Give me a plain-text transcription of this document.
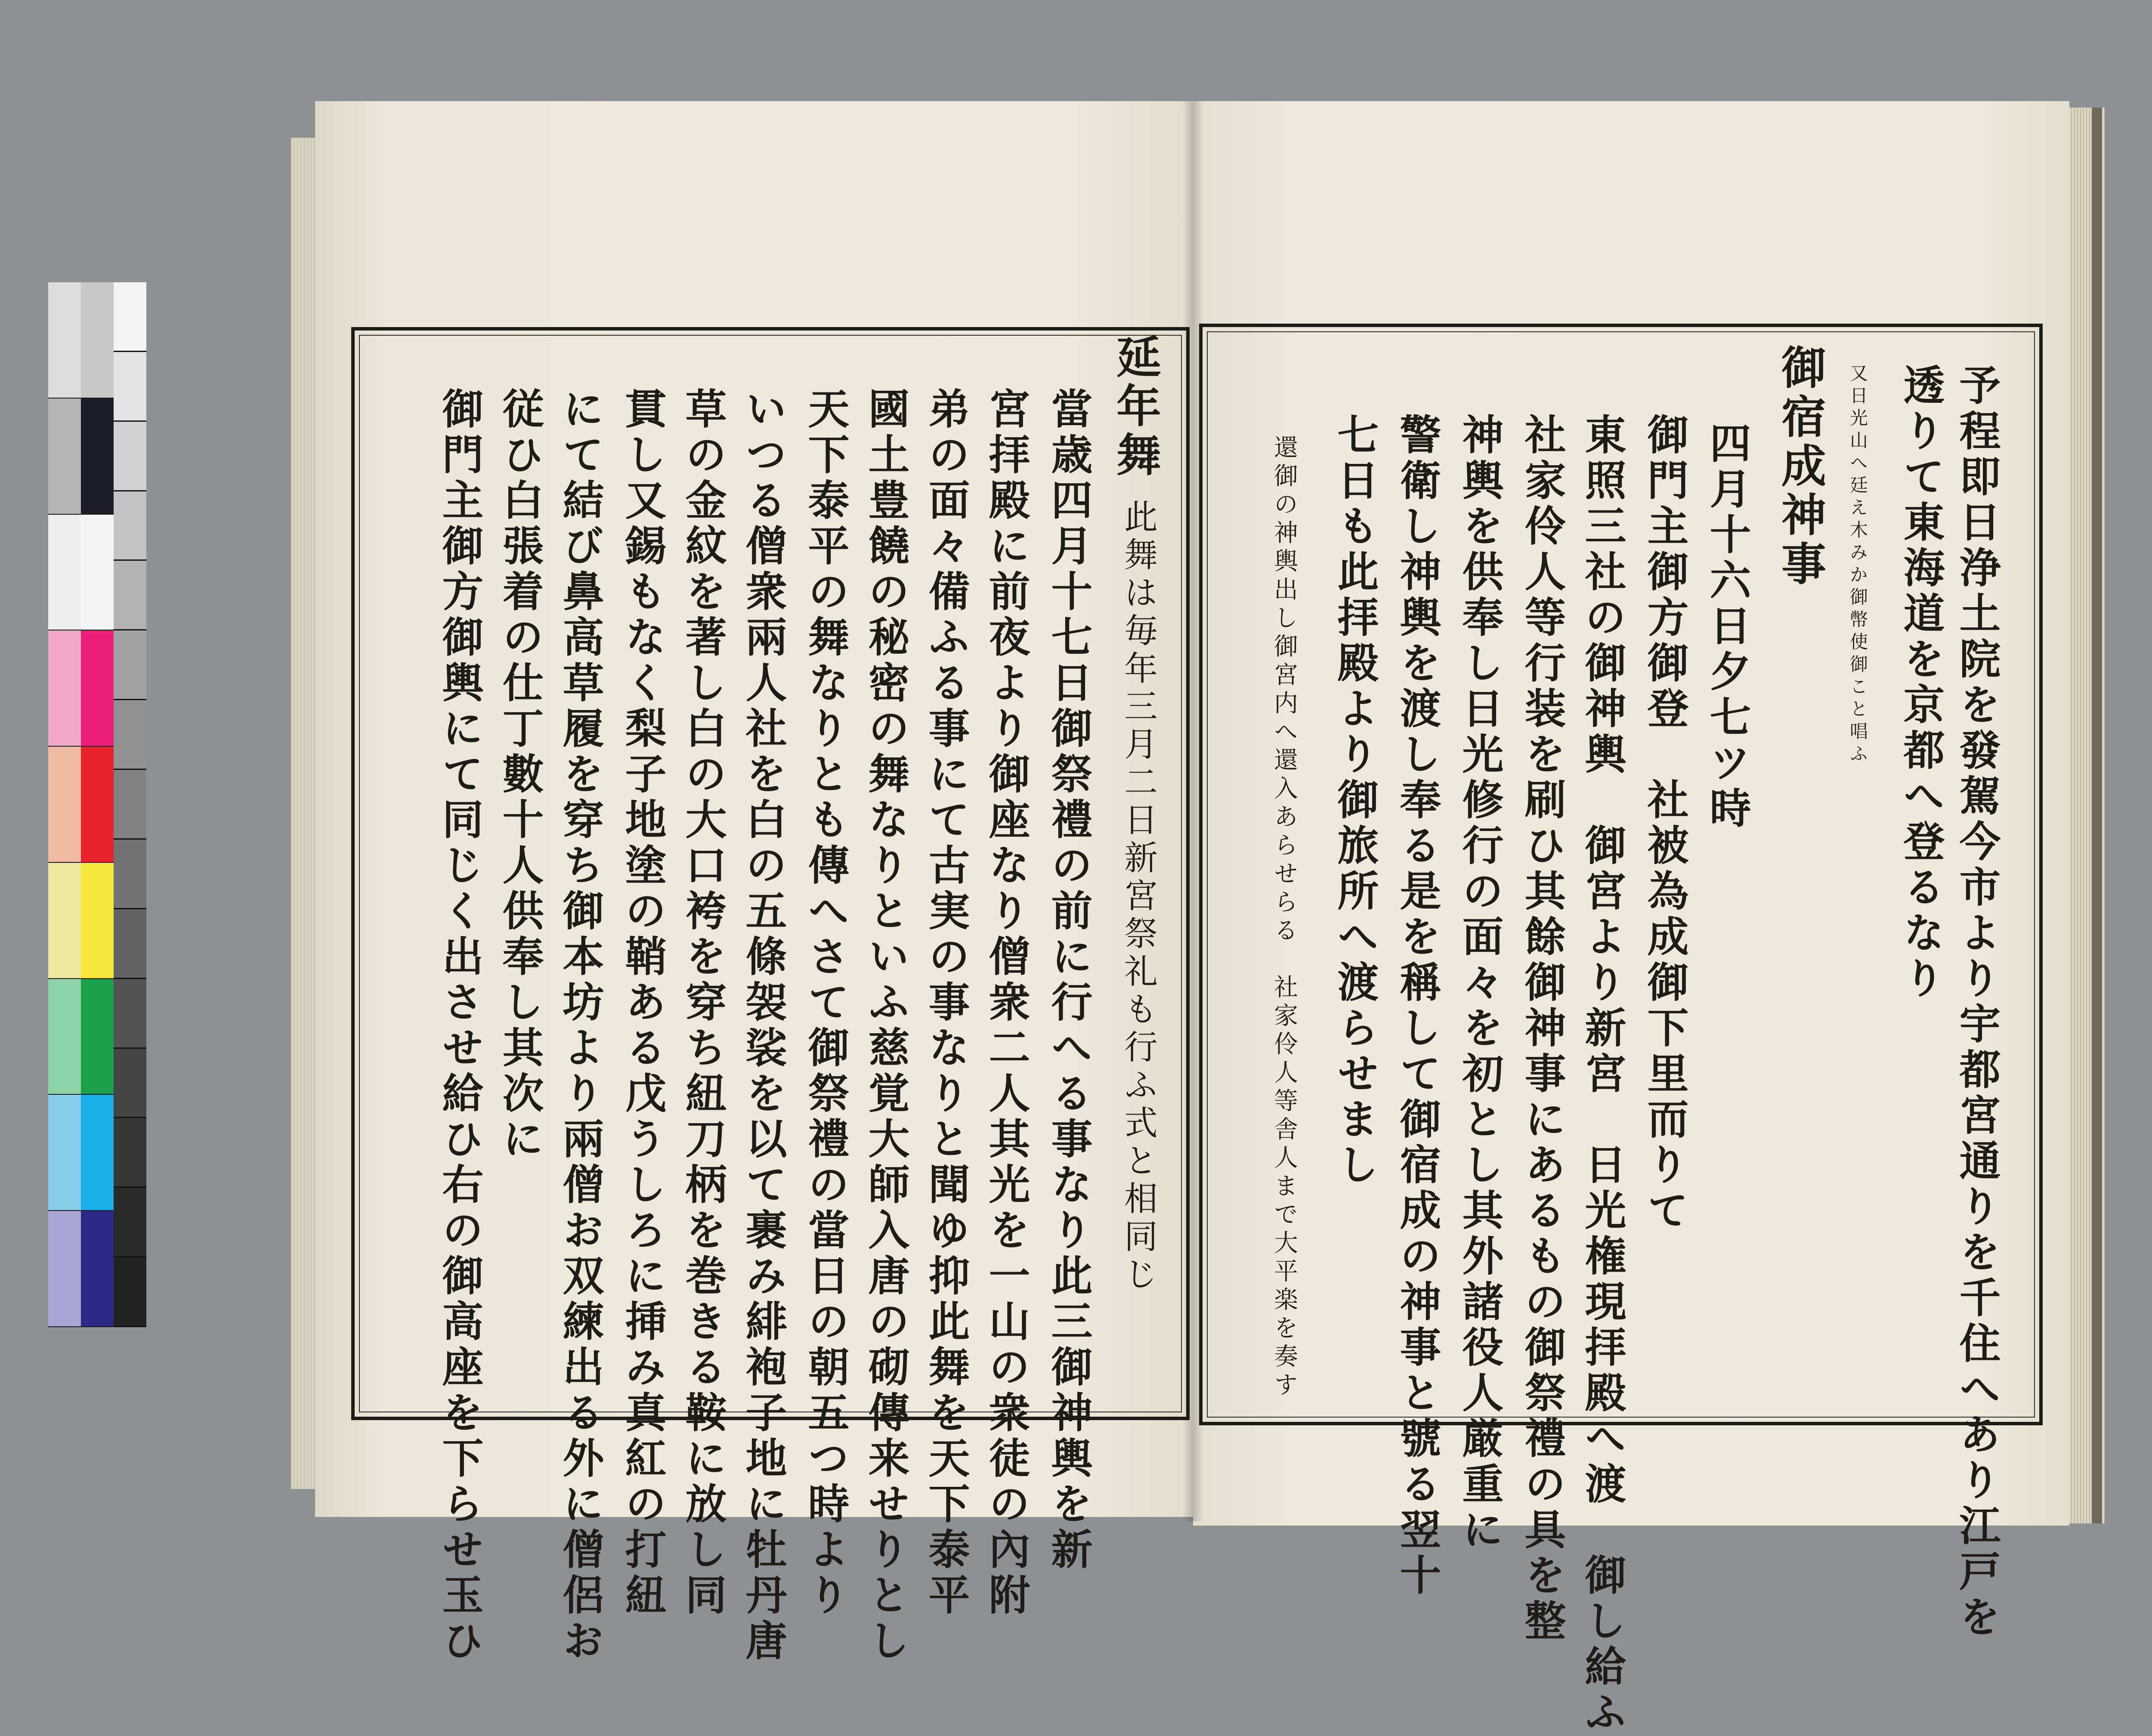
予程即日浄土院を發駕今市より宇都宮通りを千住へあり江戸を
透りて東海道を京都へ登るなり
又日光山へ廷え木みか御幣使御こと唱ふ
御宿成神事
四月十六日夕七ツ時
御門主御方御登　社被為成御下里而りて
東照三社の御神輿　御宮より新宮　日光権現拝殿へ渡　御し給ふ
社家伶人等行装を刷ひ其餘御神事にあるもの御祭禮の具を整
神輿を供奉し日光修行の面々を初とし其外諸役人厳重に
警衛し神輿を渡し奉る是を稱して御宿成の神事と號る翌十
七日も此拝殿より御旅所へ渡らせまし
還御の神輿出し御宮内へ還入あらせらる　社家伶人等舎人まで大平楽を奏す
延年舞
此舞は毎年三月二日新宮祭礼も行ふ式と相同じ
當歳四月十七日御祭禮の前に行へる事なり此三御神輿を新
宮拝殿に前夜より御座なり僧衆二人其光を一山の衆徒の內附
弟の面々備ふる事にて古実の事なりと聞ゆ抑此舞を天下泰平
國土豊饒の秘密の舞なりといふ慈覚大師入唐の砌傳来せりとし
天下泰平の舞なりとも傳へさて御祭禮の當日の朝五つ時より
いつる僧衆兩人社を白の五條袈裟を以て裹み緋袍子地に牡丹唐
草の金紋を著し白の大口袴を穿ち紐刀柄を巻きる鞍に放し同
貫し又錫もなく梨子地塗の鞘ある戊うしろに挿み真紅の打紐
にて結び鼻高草履を穿ち御本坊より兩僧お双練出る外に僧侶お
従ひ白張着の仕丁數十人供奉し其次に
御門主御方御輿にて同じく出させ給ひ右の御高座を下らせ玉ひ
